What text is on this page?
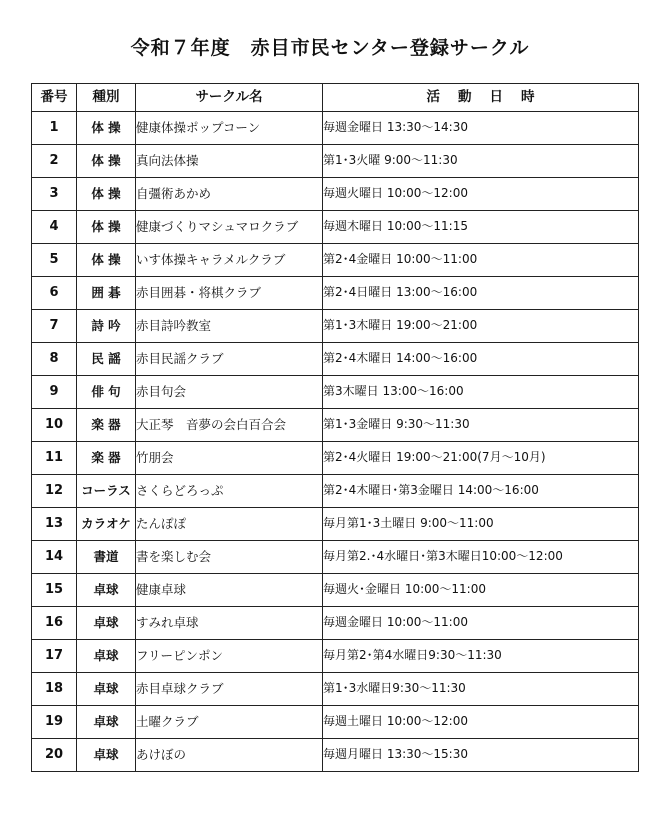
令和７年度　赤目市民センター登録サークル
番号	種別	サークル名	活動日時
1	体 操	健康体操ポップコーン	毎週金曜日 13:30～14:30
2	体 操	真向法体操	第1･3火曜 9:00～11:30
3	体 操	自彊術あかめ	毎週火曜日 10:00～12:00
4	体 操	健康づくりマシュマロクラブ	毎週木曜日 10:00～11:15
5	体 操	いす体操キャラメルクラブ	第2･4金曜日 10:00～11:00
6	囲 碁	赤目囲碁・将棋クラブ	第2･4日曜日 13:00～16:00
7	詩 吟	赤目詩吟教室	第1･3木曜日 19:00～21:00
8	民 謡	赤目民謡クラブ	第2･4木曜日 14:00～16:00
9	俳 句	赤目句会	第3木曜日 13:00～16:00
10	楽 器	大正琴　音夢の会白百合会	第1･3金曜日 9:30～11:30
11	楽 器	竹朋会	第2･4火曜日 19:00～21:00(7月～10月)
12	コーラス	さくらどろっぷ	第2･4木曜日･第3金曜日 14:00～16:00
13	カラオケ	たんぽぽ	毎月第1･3土曜日 9:00～11:00
14	書道	書を楽しむ会	毎月第2.･4水曜日･第3木曜日10:00～12:00
15	卓球	健康卓球	毎週火･金曜日 10:00～11:00
16	卓球	すみれ卓球	毎週金曜日 10:00～11:00
17	卓球	フリーピンポン	毎月第2･第4水曜日9:30～11:30
18	卓球	赤目卓球クラブ	第1･3水曜日9:30～11:30
19	卓球	土曜クラブ	毎週土曜日 10:00～12:00
20	卓球	あけぼの	毎週月曜日 13:30～15:30
